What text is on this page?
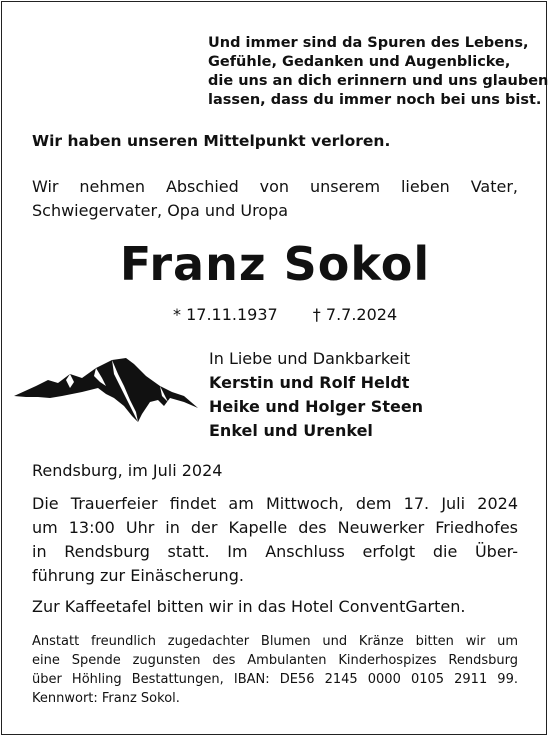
Und immer sind da Spuren des Lebens,
Gefühle, Gedanken und Augenblicke,
die uns an dich erinnern und uns glauben
lassen, dass du immer noch bei uns bist.
Wir haben unseren Mittelpunkt verloren.
Wir nehmen Abschied von unserem lieben Vater,
Schwiegervater, Opa und Uropa
Franz Sokol
* 17.11.1937 † 7.7.2024
In Liebe und Dankbarkeit
Kerstin und Rolf Heldt
Heike und Holger Steen
Enkel und Urenkel
Rendsburg, im Juli 2024
Die Trauerfeier findet am Mittwoch, dem 17. Juli 2024
um 13:00 Uhr in der Kapelle des Neuwerker Friedhofes
in Rendsburg statt. Im Anschluss erfolgt die Über-
führung zur Einäscherung.
Zur Kaffeetafel bitten wir in das Hotel ConventGarten.
Anstatt freundlich zugedachter Blumen und Kränze bitten wir um
eine Spende zugunsten des Ambulanten Kinderhospizes Rendsburg
über Höhling Bestattungen, IBAN: DE56 2145 0000 0105 2911 99.
Kennwort: Franz Sokol.
